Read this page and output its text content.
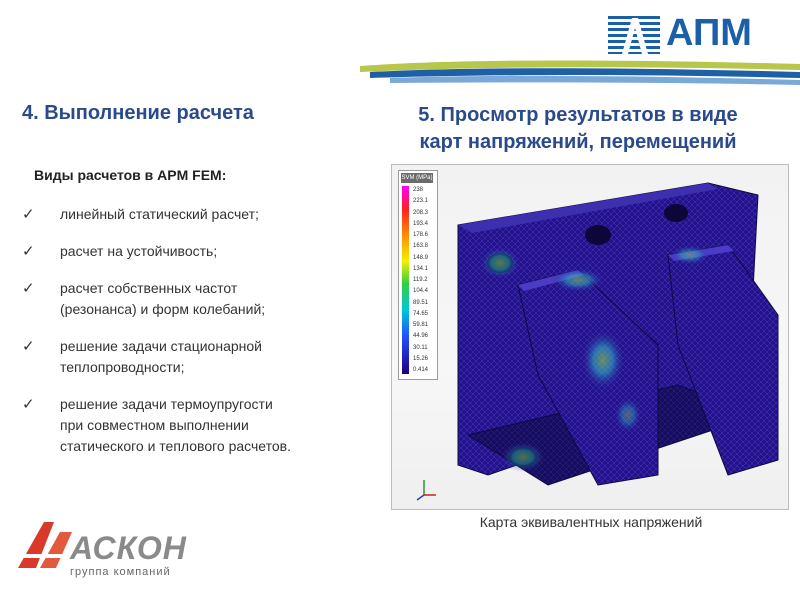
АПМ
4. Выполнение расчета
Виды расчетов в APM FEM:
✓ линейный статический расчет;
✓ расчет на устойчивость;
✓ расчет собственных частот
(резонанса) и форм колебаний;
✓ решение задачи стационарной
теплопроводности;
✓ решение задачи термоупругости
при совместном выполнении
статического и теплового расчетов.
5. Просмотр результатов в виде
карт напряжений, перемещений
SVM (MPa)
238
223.1
208.3
193.4
178.6
163.8
148.9
134.1
119.2
104.4
89.51
74.65
59.81
44.96
30.11
15.26
0.414
Карта эквивалентных напряжений
АСКОН
группа компаний
